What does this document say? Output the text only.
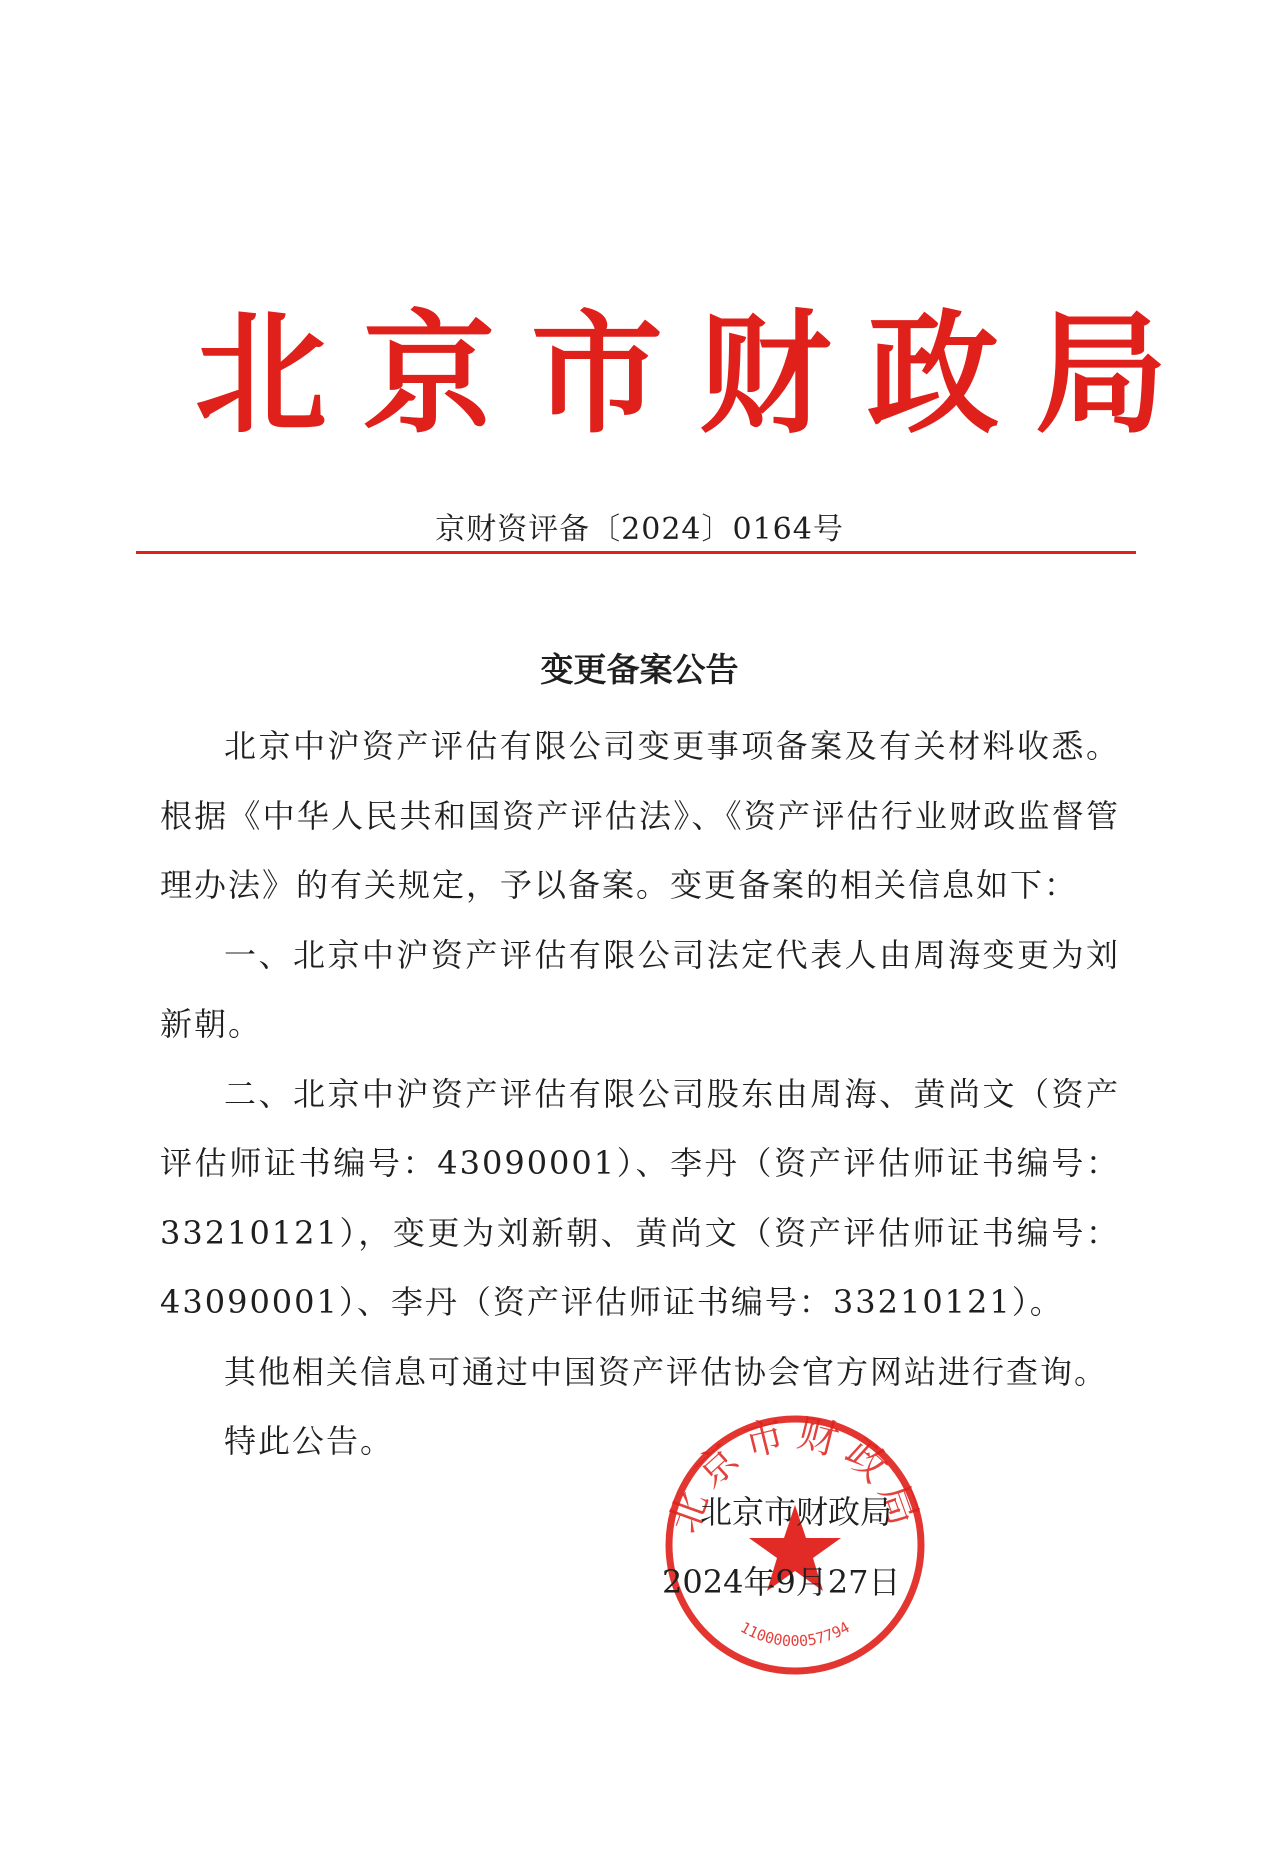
北京市财政局
京财资评备〔2024〕0164号
变更备案公告

北京中沪资产评估有限公司变更事项备案及有关材料收悉。根据《中华人民共和国资产评估法》、《资产评估行业财政监督管理办法》的有关规定，予以备案。变更备案的相关信息如下：

一、北京中沪资产评估有限公司法定代表人由周海变更为刘新朝。

二、北京中沪资产评估有限公司股东由周海、黄尚文（资产评估师证书编号：43090001）、李丹（资产评估师证书编号：33210121），变更为刘新朝、黄尚文（资产评估师证书编号：43090001）、李丹（资产评估师证书编号：33210121）。

其他相关信息可通过中国资产评估协会官方网站进行查询。

特此公告。

北京市财政局
1100000057794
北京市财政局
2024年9月27日
